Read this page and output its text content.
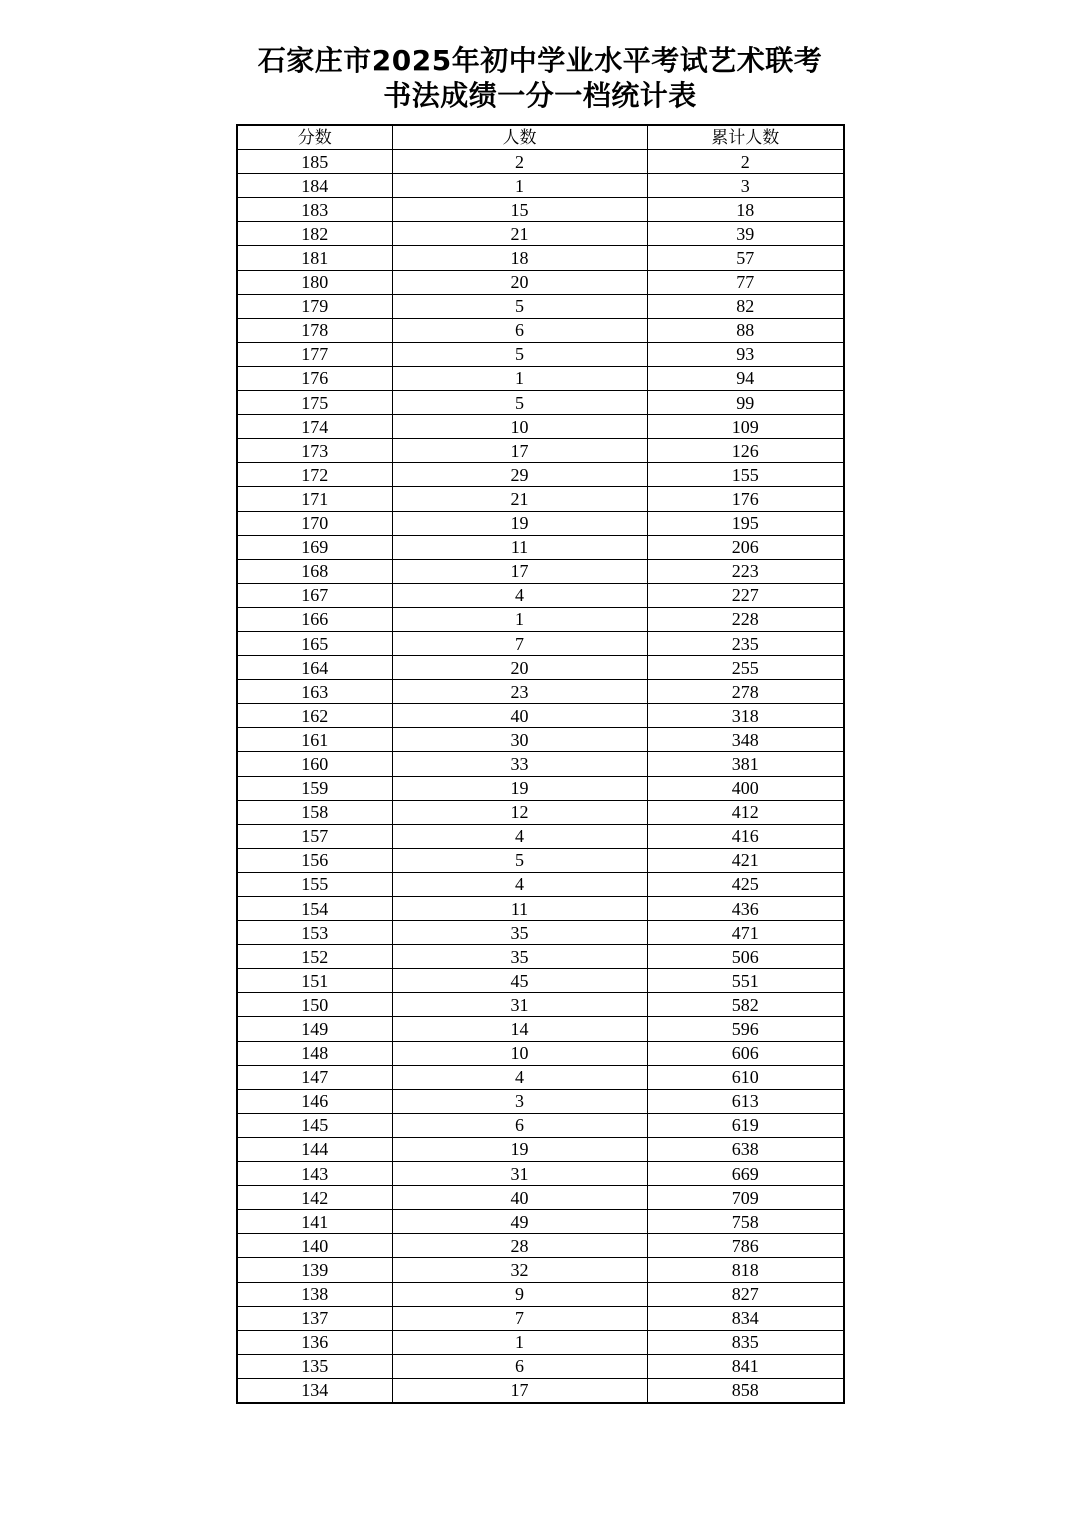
石家庄市2025年初中学业水平考试艺术联考
书法成绩一分一档统计表
分数	人数	累计人数
185	2	2
184	1	3
183	15	18
182	21	39
181	18	57
180	20	77
179	5	82
178	6	88
177	5	93
176	1	94
175	5	99
174	10	109
173	17	126
172	29	155
171	21	176
170	19	195
169	11	206
168	17	223
167	4	227
166	1	228
165	7	235
164	20	255
163	23	278
162	40	318
161	30	348
160	33	381
159	19	400
158	12	412
157	4	416
156	5	421
155	4	425
154	11	436
153	35	471
152	35	506
151	45	551
150	31	582
149	14	596
148	10	606
147	4	610
146	3	613
145	6	619
144	19	638
143	31	669
142	40	709
141	49	758
140	28	786
139	32	818
138	9	827
137	7	834
136	1	835
135	6	841
134	17	858
